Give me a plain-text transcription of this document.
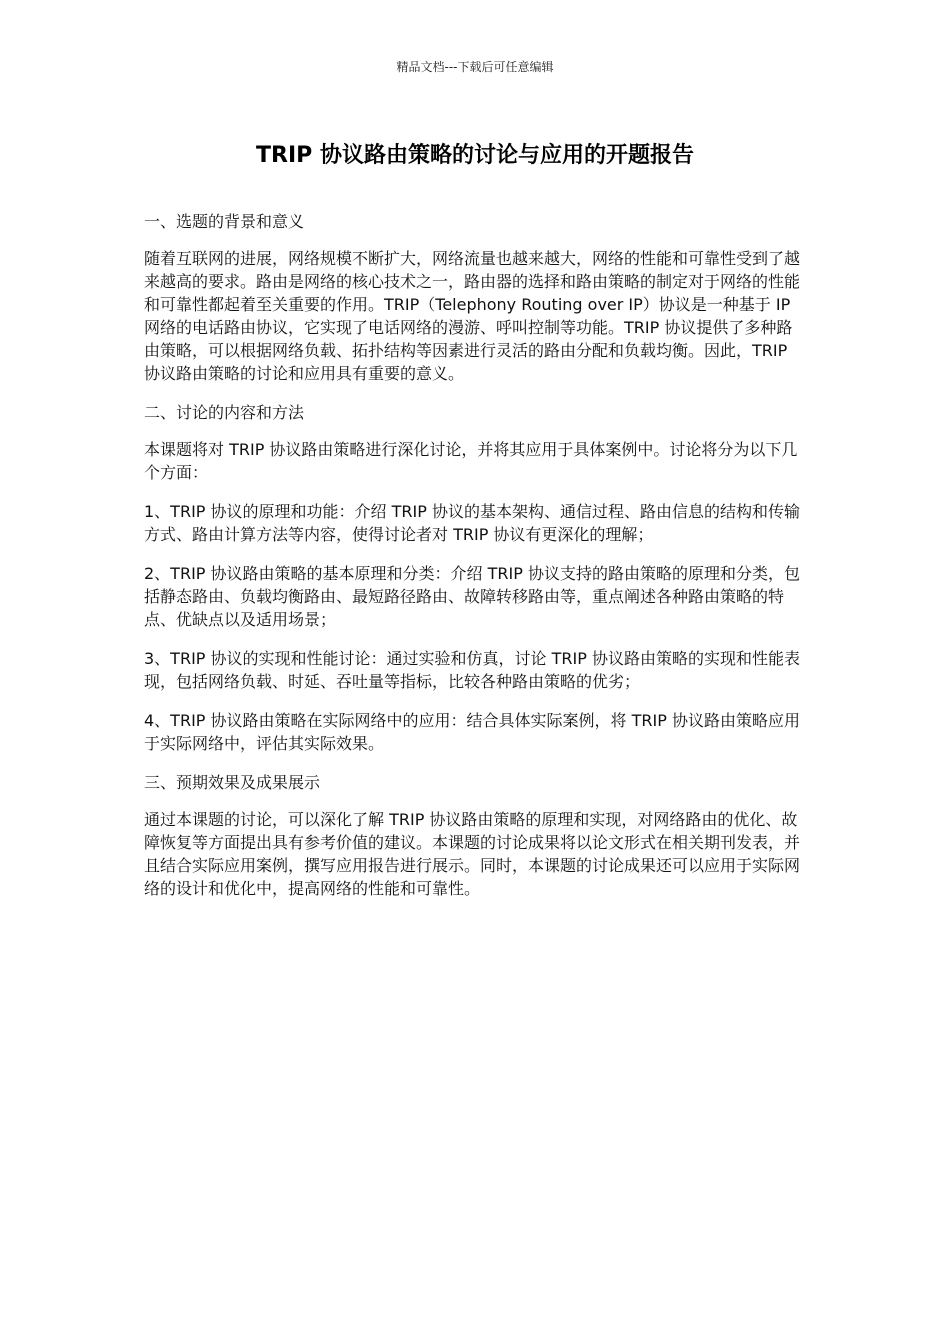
精品文档---下载后可任意编辑
TRIP 协议路由策略的讨论与应用的开题报告

一、选题的背景和意义

随着互联网的进展，网络规模不断扩大，网络流量也越来越大，网络的性能和可靠性受到了越来越高的要求。路由是网络的核心技术之一，路由器的选择和路由策略的制定对于网络的性能和可靠性都起着至关重要的作用。TRIP（Telephony Routing over IP）协议是一种基于 IP 网络的电话路由协议，它实现了电话网络的漫游、呼叫控制等功能。TRIP 协议提供了多种路由策略，可以根据网络负载、拓扑结构等因素进行灵活的路由分配和负载均衡。因此，TRIP 协议路由策略的讨论和应用具有重要的意义。

二、讨论的内容和方法

本课题将对 TRIP 协议路由策略进行深化讨论，并将其应用于具体案例中。讨论将分为以下几个方面：

1、TRIP 协议的原理和功能：介绍 TRIP 协议的基本架构、通信过程、路由信息的结构和传输方式、路由计算方法等内容，使得讨论者对 TRIP 协议有更深化的理解；

2、TRIP 协议路由策略的基本原理和分类：介绍 TRIP 协议支持的路由策略的原理和分类，包括静态路由、负载均衡路由、最短路径路由、故障转移路由等，重点阐述各种路由策略的特点、优缺点以及适用场景；

3、TRIP 协议的实现和性能讨论：通过实验和仿真，讨论 TRIP 协议路由策略的实现和性能表现，包括网络负载、时延、吞吐量等指标，比较各种路由策略的优劣；

4、TRIP 协议路由策略在实际网络中的应用：结合具体实际案例，将 TRIP 协议路由策略应用于实际网络中，评估其实际效果。

三、预期效果及成果展示

通过本课题的讨论，可以深化了解 TRIP 协议路由策略的原理和实现，对网络路由的优化、故障恢复等方面提出具有参考价值的建议。本课题的讨论成果将以论文形式在相关期刊发表，并且结合实际应用案例，撰写应用报告进行展示。同时，本课题的讨论成果还可以应用于实际网络的设计和优化中，提高网络的性能和可靠性。
